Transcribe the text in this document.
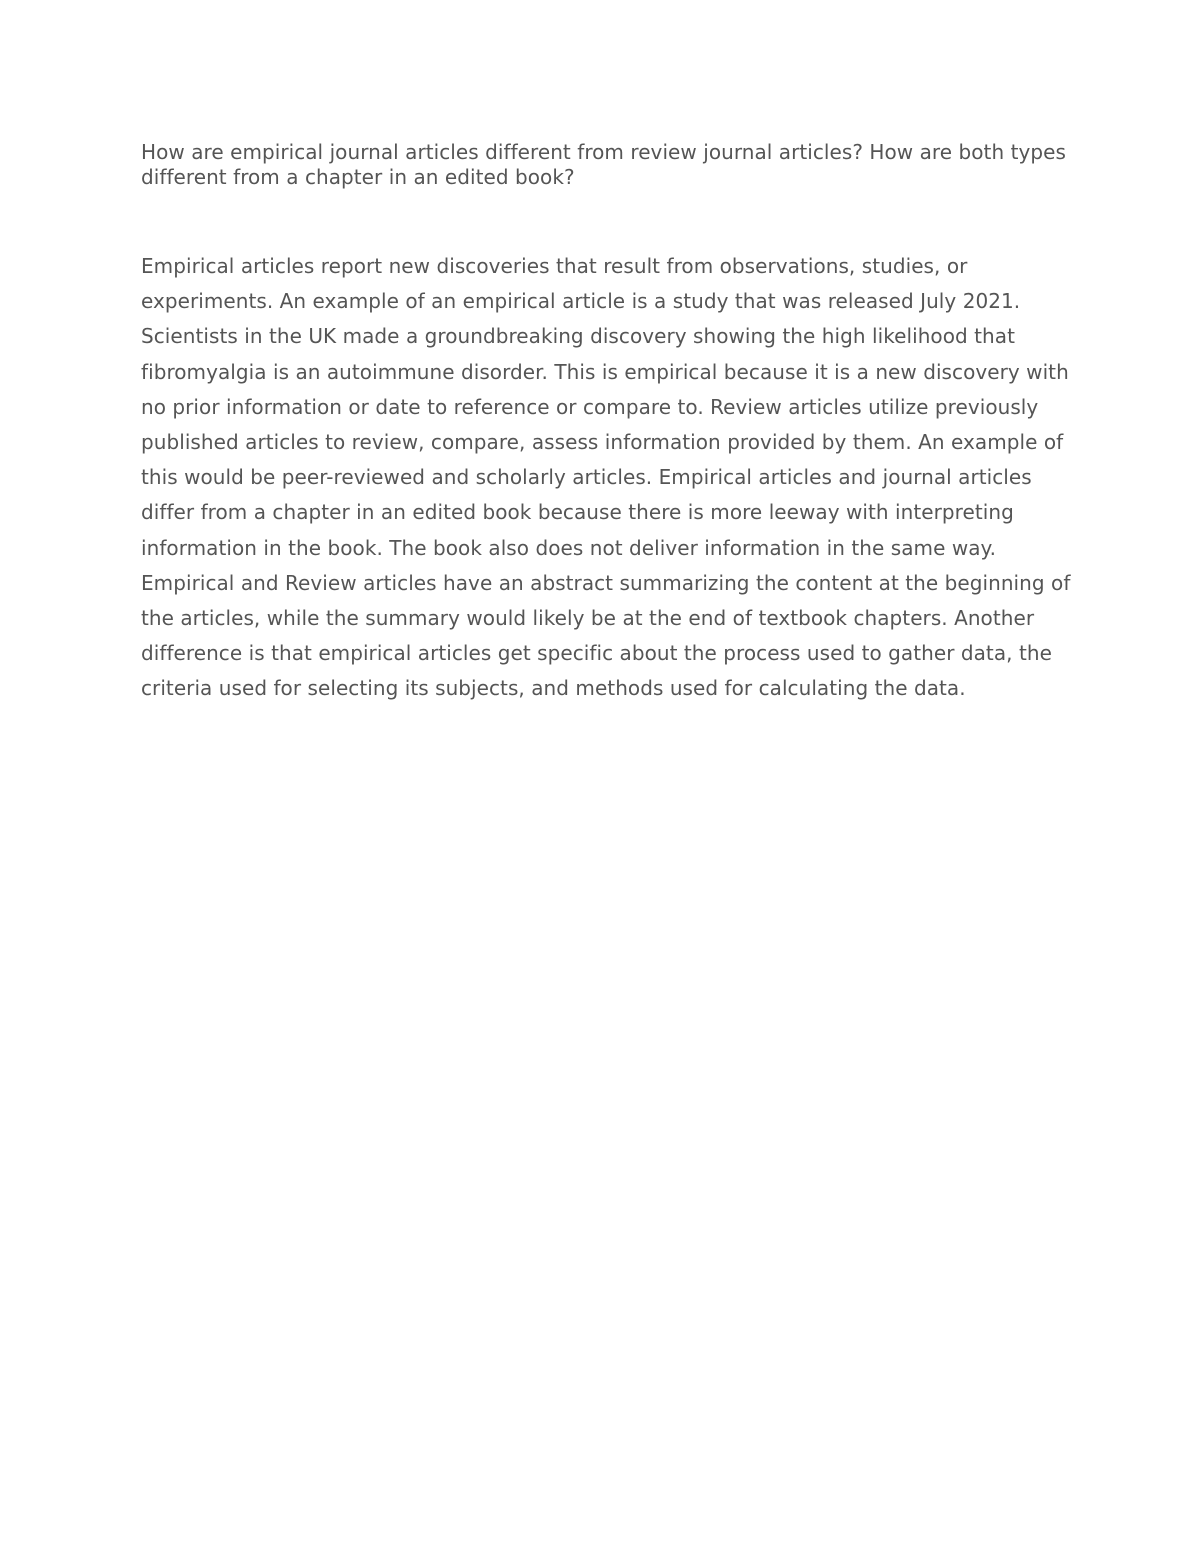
How are empirical journal articles different from review journal articles? How are both types different from a chapter in an edited book?

Empirical articles report new discoveries that result from observations, studies, or experiments. An example of an empirical article is a study that was released July 2021. Scientists in the UK made a groundbreaking discovery showing the high likelihood that fibromyalgia is an autoimmune disorder. This is empirical because it is a new discovery with no prior information or date to reference or compare to. Review articles utilize previously published articles to review, compare, assess information provided by them. An example of this would be peer-reviewed and scholarly articles. Empirical articles and journal articles differ from a chapter in an edited book because there is more leeway with interpreting information in the book. The book also does not deliver information in the same way. Empirical and Review articles have an abstract summarizing the content at the beginning of the articles, while the summary would likely be at the end of textbook chapters. Another difference is that empirical articles get specific about the process used to gather data, the criteria used for selecting its subjects, and methods used for calculating the data.
